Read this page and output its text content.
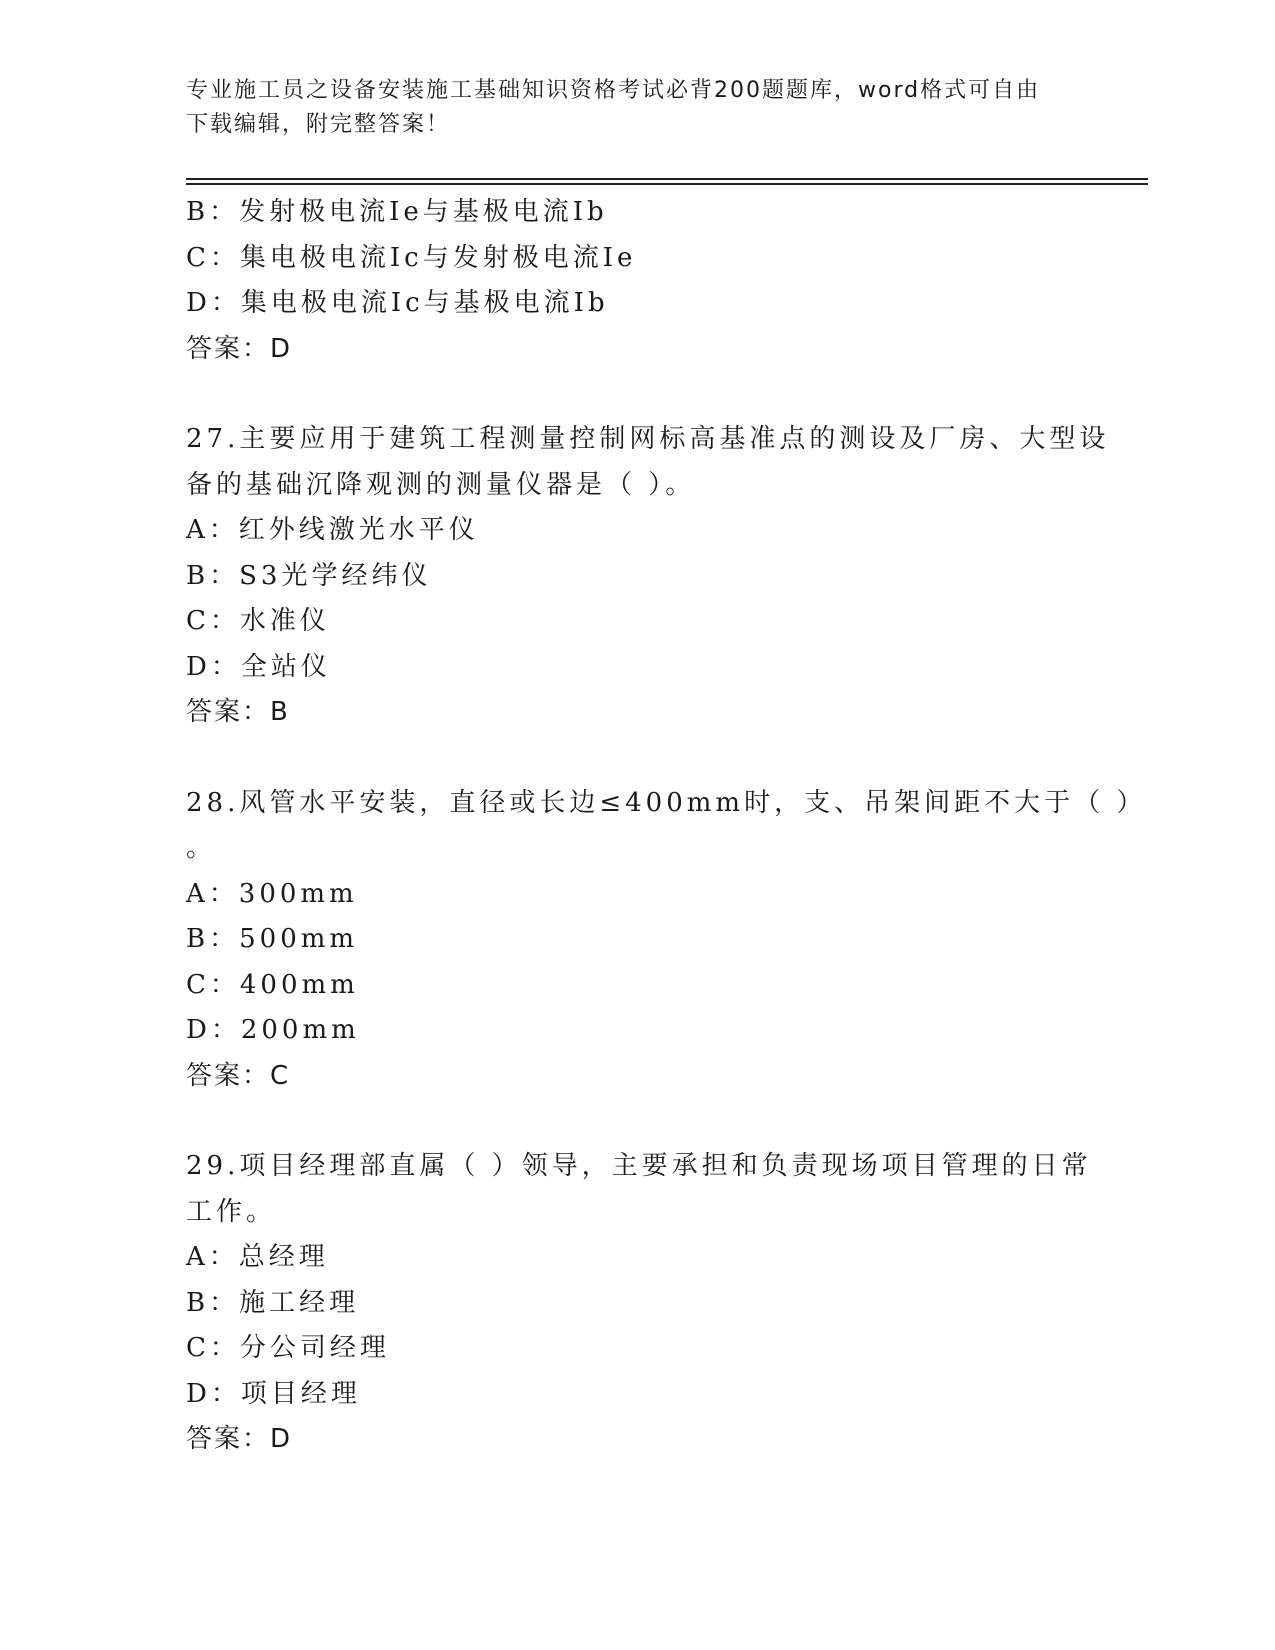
专业施工员之设备安装施工基础知识资格考试必背200题题库，word格式可自由
下载编辑，附完整答案！
B：发射极电流Ie与基极电流Ib
C：集电极电流Ic与发射极电流Ie
D：集电极电流Ic与基极电流Ib
答案：D
27.主要应用于建筑工程测量控制网标高基准点的测设及厂房、大型设
备的基础沉降观测的测量仪器是（ ）。
A：红外线激光水平仪
B：S3光学经纬仪
C：水准仪
D：全站仪
答案：B
28.风管水平安装，直径或长边≤400mm时，支、吊架间距不大于（ ）
。
A：300mm
B：500mm
C：400mm
D：200mm
答案：C
29.项目经理部直属（ ）领导，主要承担和负责现场项目管理的日常
工作。
A：总经理
B：施工经理
C：分公司经理
D：项目经理
答案：D
